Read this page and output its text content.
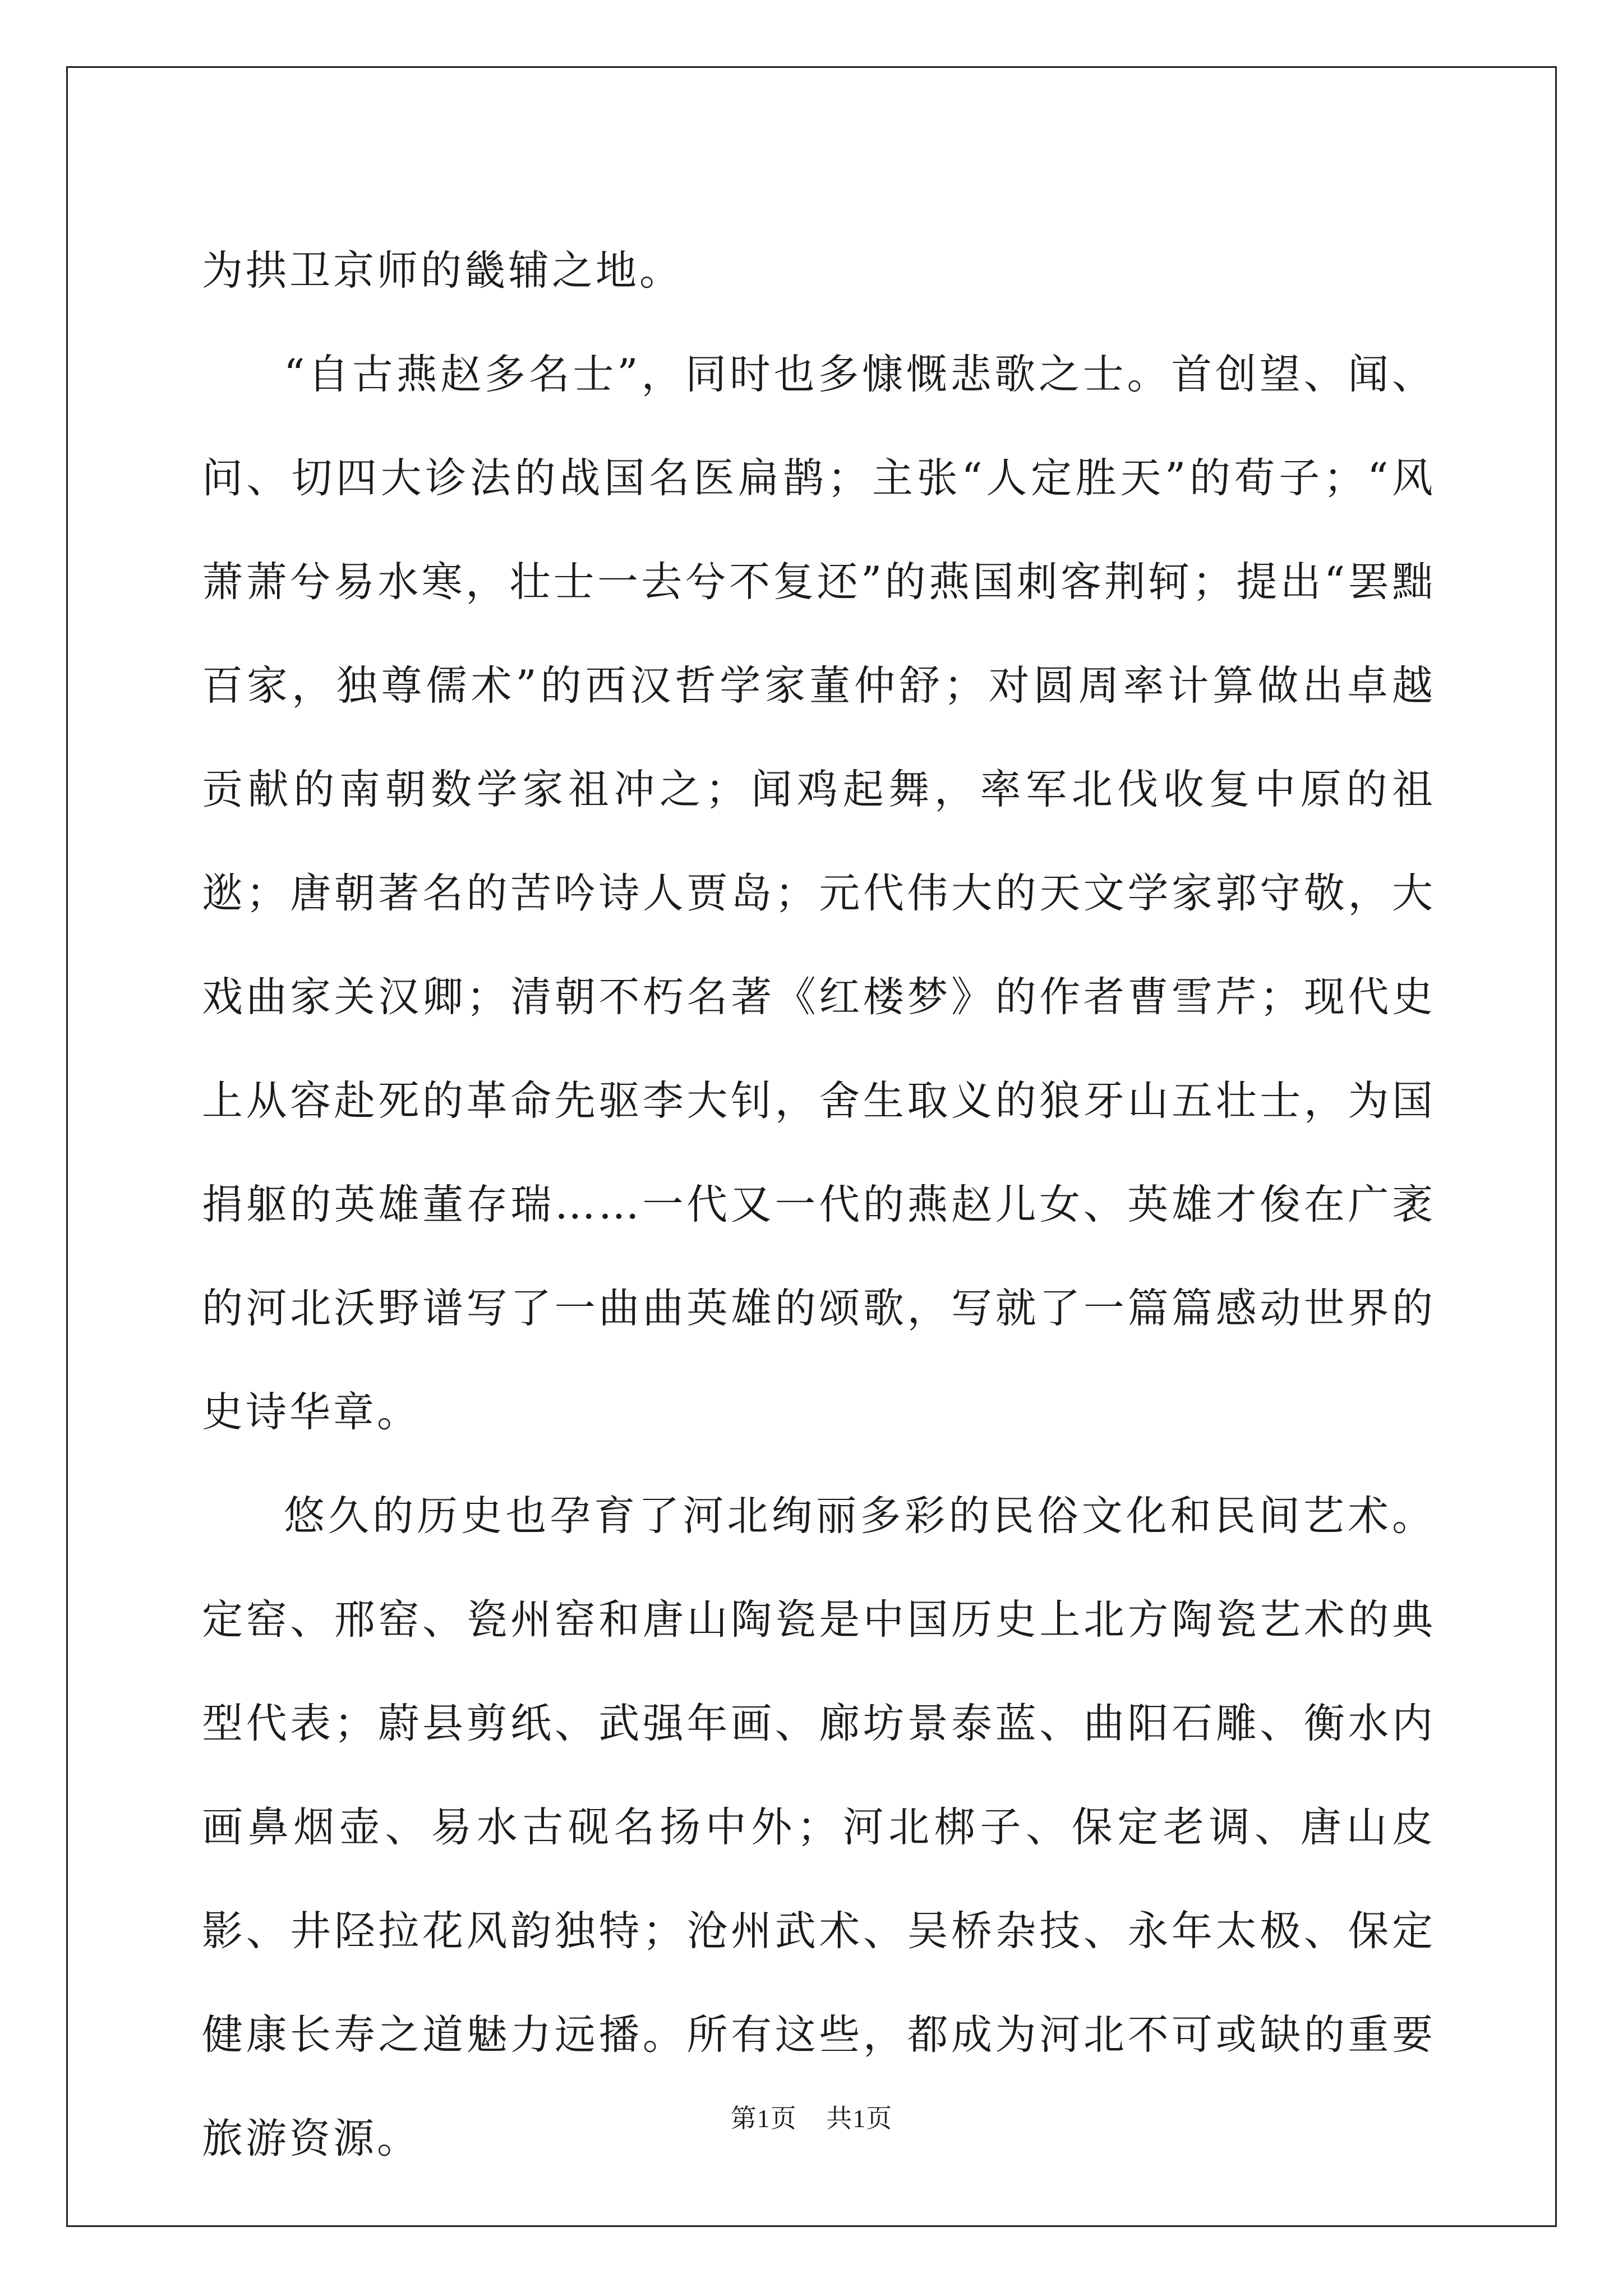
为拱卫京师的畿辅之地。

“自古燕赵多名士”，同时也多慷慨悲歌之士。首创望、闻、问、切四大诊法的战国名医扁鹊；主张“人定胜天”的荀子；“风萧萧兮易水寒，壮士一去兮不复还”的燕国刺客荆轲；提出“罢黜百家，独尊儒术”的西汉哲学家董仲舒；对圆周率计算做出卓越贡献的南朝数学家祖冲之；闻鸡起舞，率军北伐收复中原的祖逖；唐朝著名的苦吟诗人贾岛；元代伟大的天文学家郭守敬，大戏曲家关汉卿；清朝不朽名著《红楼梦》的作者曹雪芹；现代史上从容赴死的革命先驱李大钊，舍生取义的狼牙山五壮士，为国捐躯的英雄董存瑞……一代又一代的燕赵儿女、英雄才俊在广袤的河北沃野谱写了一曲曲英雄的颂歌，写就了一篇篇感动世界的史诗华章。

悠久的历史也孕育了河北绚丽多彩的民俗文化和民间艺术。定窑、邢窑、瓷州窑和唐山陶瓷是中国历史上北方陶瓷艺术的典型代表；蔚县剪纸、武强年画、廊坊景泰蓝、曲阳石雕、衡水内画鼻烟壶、易水古砚名扬中外；河北梆子、保定老调、唐山皮影、井陉拉花风韵独特；沧州武术、吴桥杂技、永年太极、保定健康长寿之道魅力远播。所有这些，都成为河北不可或缺的重要旅游资源。	第1页 共1页
